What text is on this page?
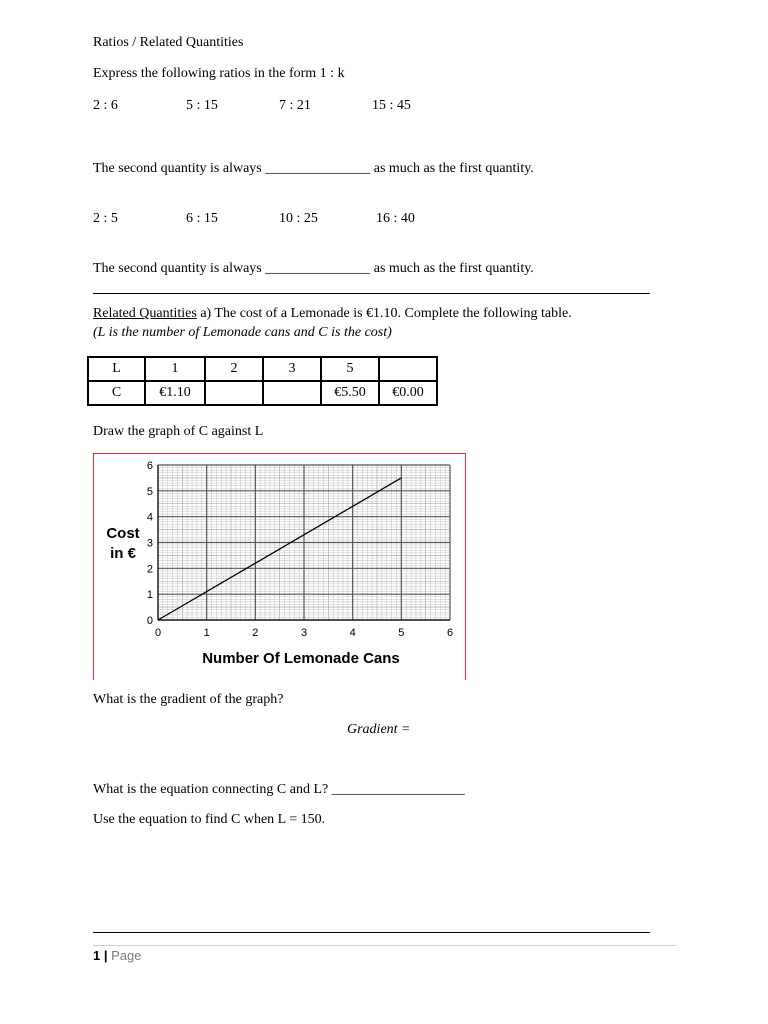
Ratios / Related Quantities
Express the following ratios in the form 1 : k
2 : 6	5 : 15	7 : 21	15 : 45
The second quantity is always _______________ as much as the first quantity.
2 : 5	6 : 15	10 : 25	16 : 40
The second quantity is always _______________ as much as the first quantity.
Related Quantities a) The cost of a Lemonade is €1.10. Complete the following table.
(L is the number of Lemonade cans and C is the cost)
L	1	2	3	5	
C	€1.10			€5.50	€0.00
Draw the graph of C against L
0	1	2	3	4	5	6
0
1
2
3
4
5
6
Number Of Lemonade Cans
Cost in €
What is the gradient of the graph?
Gradient =
What is the equation connecting C and L? ___________________
Use the equation to find C when L = 150.
1 | Page
